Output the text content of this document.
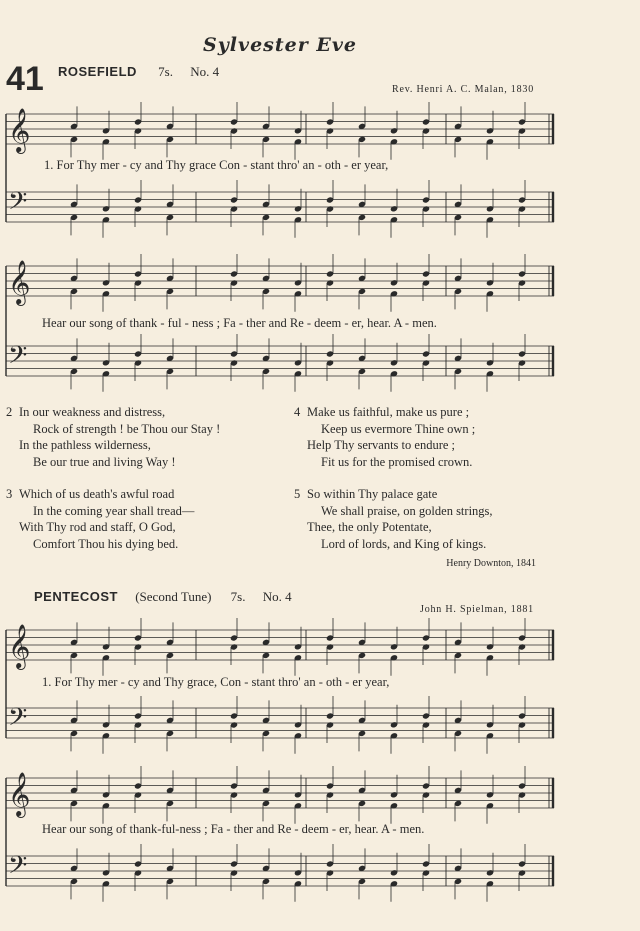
Sylvester Eve
41 ROSEFIELD 7s. No. 4
Rev. Henri A. C. Malan, 1830
𝄞
𝄢
1. For Thy mer - cy and Thy grace Con - stant thro' an - oth - er year,
𝄞
𝄢
Hear our song of thank - ful - ness ; Fa - ther and Re - deem - er, hear. A - men.
2 In our weakness and distress,
Rock of strength ! be Thou our Stay !
In the pathless wilderness,
Be our true and living Way !
3 Which of us death's awful road
In the coming year shall tread—
With Thy rod and staff, O God,
Comfort Thou his dying bed.
4 Make us faithful, make us pure ;
Keep us evermore Thine own ;
Help Thy servants to endure ;
Fit us for the promised crown.
5 So within Thy palace gate
We shall praise, on golden strings,
Thee, the only Potentate,
Lord of lords, and King of kings.
Henry Downton, 1841
PENTECOST (Second Tune) 7s. No. 4
John H. Spielman, 1881
𝄞
𝄢
1. For Thy mer - cy and Thy grace, Con - stant thro' an - oth - er year,
𝄞
𝄢
Hear our song of thank-ful-ness ; Fa - ther and Re - deem - er, hear. A - men.
